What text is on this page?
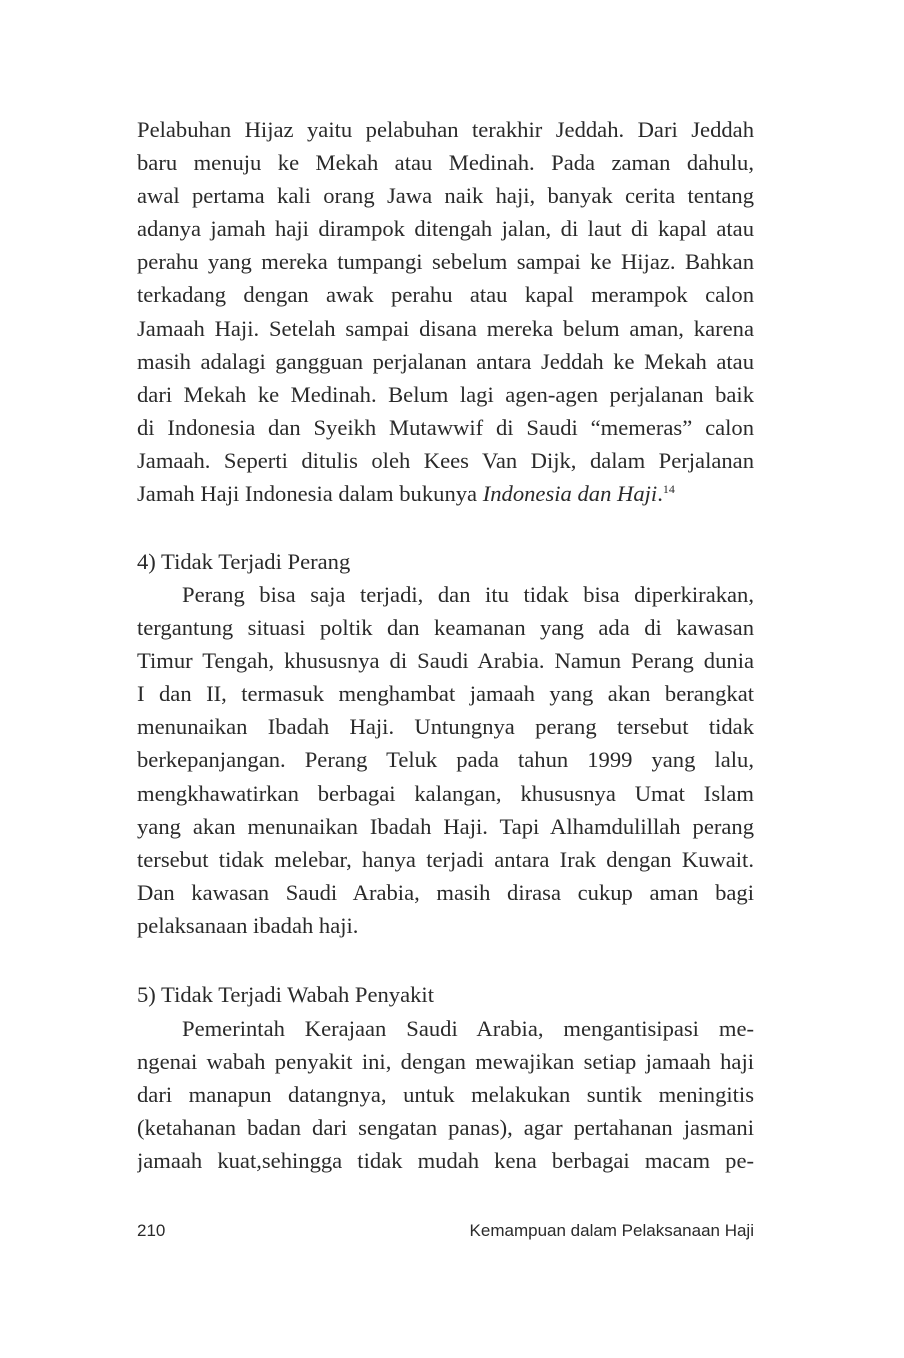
Pelabuhan Hijaz yaitu pelabuhan terakhir Jeddah. Dari Jeddah
baru menuju ke Mekah atau Medinah. Pada zaman dahulu,
awal pertama kali orang Jawa naik haji, banyak cerita tentang
adanya jamah haji dirampok ditengah jalan, di laut di kapal atau
perahu yang mereka tumpangi sebelum sampai ke Hijaz. Bahkan
terkadang dengan awak perahu atau kapal merampok calon
Jamaah Haji. Setelah sampai disana mereka belum aman, karena
masih adalagi gangguan perjalanan antara Jeddah ke Mekah atau
dari Mekah ke Medinah. Belum lagi agen-agen perjalanan baik
di Indonesia dan Syeikh Mutawwif di Saudi “memeras” calon
Jamaah. Seperti ditulis oleh Kees Van Dijk, dalam Perjalanan
Jamah Haji Indonesia dalam bukunya Indonesia dan Haji.$^{14}$
4) Tidak Terjadi Perang
Perang bisa saja terjadi, dan itu tidak bisa diperkirakan,
tergantung situasi poltik dan keamanan yang ada di kawasan
Timur Tengah, khususnya di Saudi Arabia. Namun Perang dunia
I dan II, termasuk menghambat jamaah yang akan berangkat
menunaikan Ibadah Haji. Untungnya perang tersebut tidak
berkepanjangan. Perang Teluk pada tahun 1999 yang lalu,
mengkhawatirkan berbagai kalangan, khususnya Umat Islam
yang akan menunaikan Ibadah Haji. Tapi Alhamdulillah perang
tersebut tidak melebar, hanya terjadi antara Irak dengan Kuwait.
Dan kawasan Saudi Arabia, masih dirasa cukup aman bagi
pelaksanaan ibadah haji.
5) Tidak Terjadi Wabah Penyakit
Pemerintah Kerajaan Saudi Arabia, mengantisipasi me-
ngenai wabah penyakit ini, dengan mewajikan setiap jamaah haji
dari manapun datangnya, untuk melakukan suntik meningitis
(ketahanan badan dari sengatan panas), agar pertahanan jasmani
jamaah kuat,sehingga tidak mudah kena berbagai macam pe-
210	Kemampuan dalam Pelaksanaan Haji
